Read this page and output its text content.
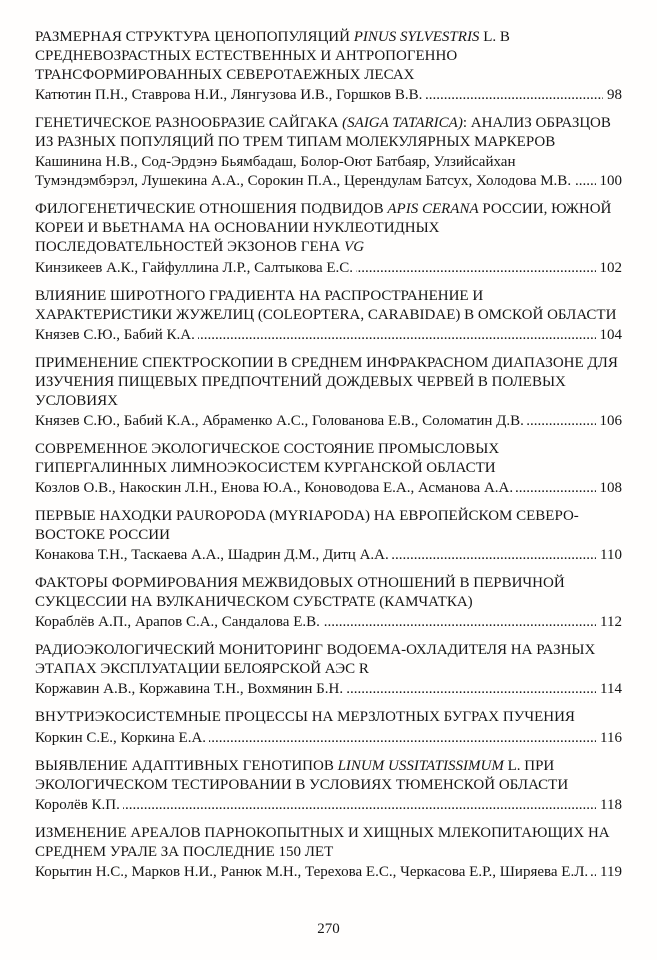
РАЗМЕРНАЯ СТРУКТУРА ЦЕНОПОПУЛЯЦИЙ PINUS SYLVESTRIS L. В СРЕДНЕВОЗРАСТНЫХ ЕСТЕСТВЕННЫХ И АНТРОПОГЕННО ТРАНСФОРМИРОВАННЫХ СЕВЕРОТАЕЖНЫХ ЛЕСАХ

Катютин П.Н., Ставрова Н.И., Лянгузова И.В., Горшков В.В. .....	98

ГЕНЕТИЧЕСКОЕ РАЗНООБРАЗИЕ САЙГАКА (SAIGA TATARICA): АНАЛИЗ ОБРАЗЦОВ ИЗ РАЗНЫХ ПОПУЛЯЦИЙ ПО ТРЕМ ТИПАМ МОЛЕКУЛЯРНЫХ МАРКЕРОВ

Кашинина Н.В., Сод-Эрдэнэ Бьямбадаш, Болор-Оют Батбаяр, Улзийсайхан Тумэндэмбэрэл, Лушекина А.А., Сорокин П.А., Церендулам Батсух, Холодова М.В. ..... 100

ФИЛОГЕНЕТИЧЕСКИЕ ОТНОШЕНИЯ ПОДВИДОВ APIS CERANA РОССИИ, ЮЖНОЙ КОРЕИ И ВЬЕТНАМА НА ОСНОВАНИИ НУКЛЕОТИДНЫХ ПОСЛЕДОВАТЕЛЬНОСТЕЙ ЭКЗОНОВ ГЕНА VG

Кинзикеев А.К., Гайфуллина Л.Р., Салтыкова Е.С. .....	102

ВЛИЯНИЕ ШИРОТНОГО ГРАДИЕНТА НА РАСПРОСТРАНЕНИЕ И ХАРАКТЕРИСТИКИ ЖУЖЕЛИЦ (COLEOPTERA, CARABIDAE) В ОМСКОЙ ОБЛАСТИ

Князев С.Ю., Бабий К.А. .....	104

ПРИМЕНЕНИЕ СПЕКТРОСКОПИИ В СРЕДНЕМ ИНФРАКРАСНОМ ДИАПАЗОНЕ ДЛЯ ИЗУЧЕНИЯ ПИЩЕВЫХ ПРЕДПОЧТЕНИЙ ДОЖДЕВЫХ ЧЕРВЕЙ В ПОЛЕВЫХ УСЛОВИЯХ

Князев С.Ю., Бабий К.А., Абраменко А.С., Голованова Е.В., Соломатин Д.В. .....	106

СОВРЕМЕННОЕ ЭКОЛОГИЧЕСКОЕ СОСТОЯНИЕ ПРОМЫСЛОВЫХ ГИПЕРГАЛИННЫХ ЛИМНОЭКОСИСТЕМ КУРГАНСКОЙ ОБЛАСТИ

Козлов О.В., Накоскин Л.Н., Енова Ю.А., Коноводова Е.А., Асманова А.А. .....	108

ПЕРВЫЕ НАХОДКИ PAUROPODA (MYRIAPODA) НА ЕВРОПЕЙСКОМ СЕВЕРО-ВОСТОКЕ РОССИИ

Конакова Т.Н., Таскаева А.А., Шадрин Д.М., Дитц А.А. .....	110

ФАКТОРЫ ФОРМИРОВАНИЯ МЕЖВИДОВЫХ ОТНОШЕНИЙ В ПЕРВИЧНОЙ СУКЦЕССИИ НА ВУЛКАНИЧЕСКОМ СУБСТРАТЕ (КАМЧАТКА)

Кораблёв А.П., Арапов С.А., Сандалова Е.В. .....	112

РАДИОЭКОЛОГИЧЕСКИЙ МОНИТОРИНГ ВОДОЕМА-ОХЛАДИТЕЛЯ НА РАЗНЫХ ЭТАПАХ ЭКСПЛУАТАЦИИ БЕЛОЯРСКОЙ АЭС R

Коржавин А.В., Коржавина Т.Н., Вохмянин Б.Н. .....	114

ВНУТРИЭКОСИСТЕМНЫЕ ПРОЦЕССЫ НА МЕРЗЛОТНЫХ БУГРАХ ПУЧЕНИЯ

Коркин С.Е., Коркина Е.А. .....	116

ВЫЯВЛЕНИЕ АДАПТИВНЫХ ГЕНОТИПОВ LINUM USSITATISSIMUM L. ПРИ ЭКОЛОГИЧЕСКОМ ТЕСТИРОВАНИИ В УСЛОВИЯХ ТЮМЕНСКОЙ ОБЛАСТИ

Королёв К.П. .....	118

ИЗМЕНЕНИЕ АРЕАЛОВ ПАРНОКОПЫТНЫХ И ХИЩНЫХ МЛЕКОПИТАЮЩИХ НА СРЕДНЕМ УРАЛЕ ЗА ПОСЛЕДНИЕ 150 ЛЕТ

Корытин Н.С., Марков Н.И., Ранюк М.Н., Терехова Е.С., Черкасова Е.Р., Ширяева Е.Л. ..... 119

270
